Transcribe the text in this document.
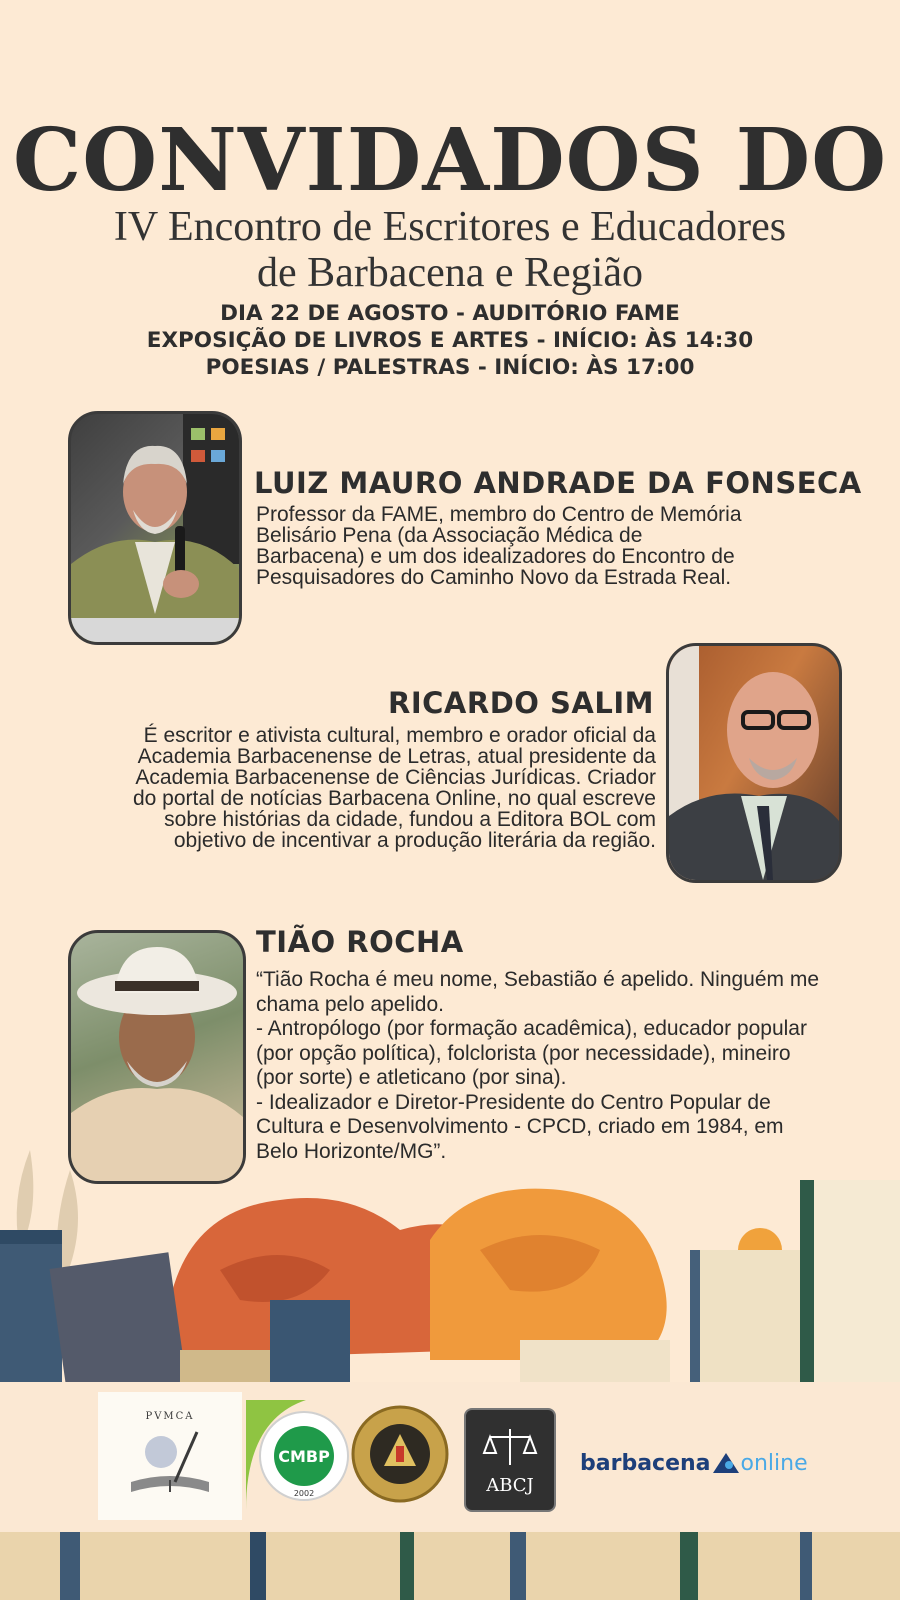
CONVIDADOS DO
IV Encontro de Escritores e Educadores
de Barbacena e Região
DIA 22 DE AGOSTO - AUDITÓRIO FAME
EXPOSIÇÃO DE LIVROS E ARTES - INÍCIO: ÀS 14:30
POESIAS / PALESTRAS - INÍCIO: ÀS 17:00
LUIZ MAURO ANDRADE DA FONSECA
Professor da FAME, membro do Centro de Memória
Belisário Pena (da Associação Médica de
Barbacena) e um dos idealizadores do Encontro de
Pesquisadores do Caminho Novo da Estrada Real.
RICARDO SALIM
É escritor e ativista cultural, membro e orador oficial da
Academia Barbacenense de Letras, atual presidente da
Academia Barbacenense de Ciências Jurídicas. Criador
do portal de notícias Barbacena Online, no qual escreve
sobre histórias da cidade, fundou a Editora BOL com
objetivo de incentivar a produção literária da região.
TIÃO ROCHA
“Tião Rocha é meu nome, Sebastião é apelido. Ninguém me
chama pelo apelido.
- Antropólogo (por formação acadêmica), educador popular
(por opção política), folclorista (por necessidade), mineiro
(por sorte) e atleticano (por sina).
- Idealizador e Diretor-Presidente do Centro Popular de
Cultura e Desenvolvimento - CPCD, criado em 1984, em
Belo Horizonte/MG”.
PVMCA
CMBP
2002	ABCJ
barbacena online
